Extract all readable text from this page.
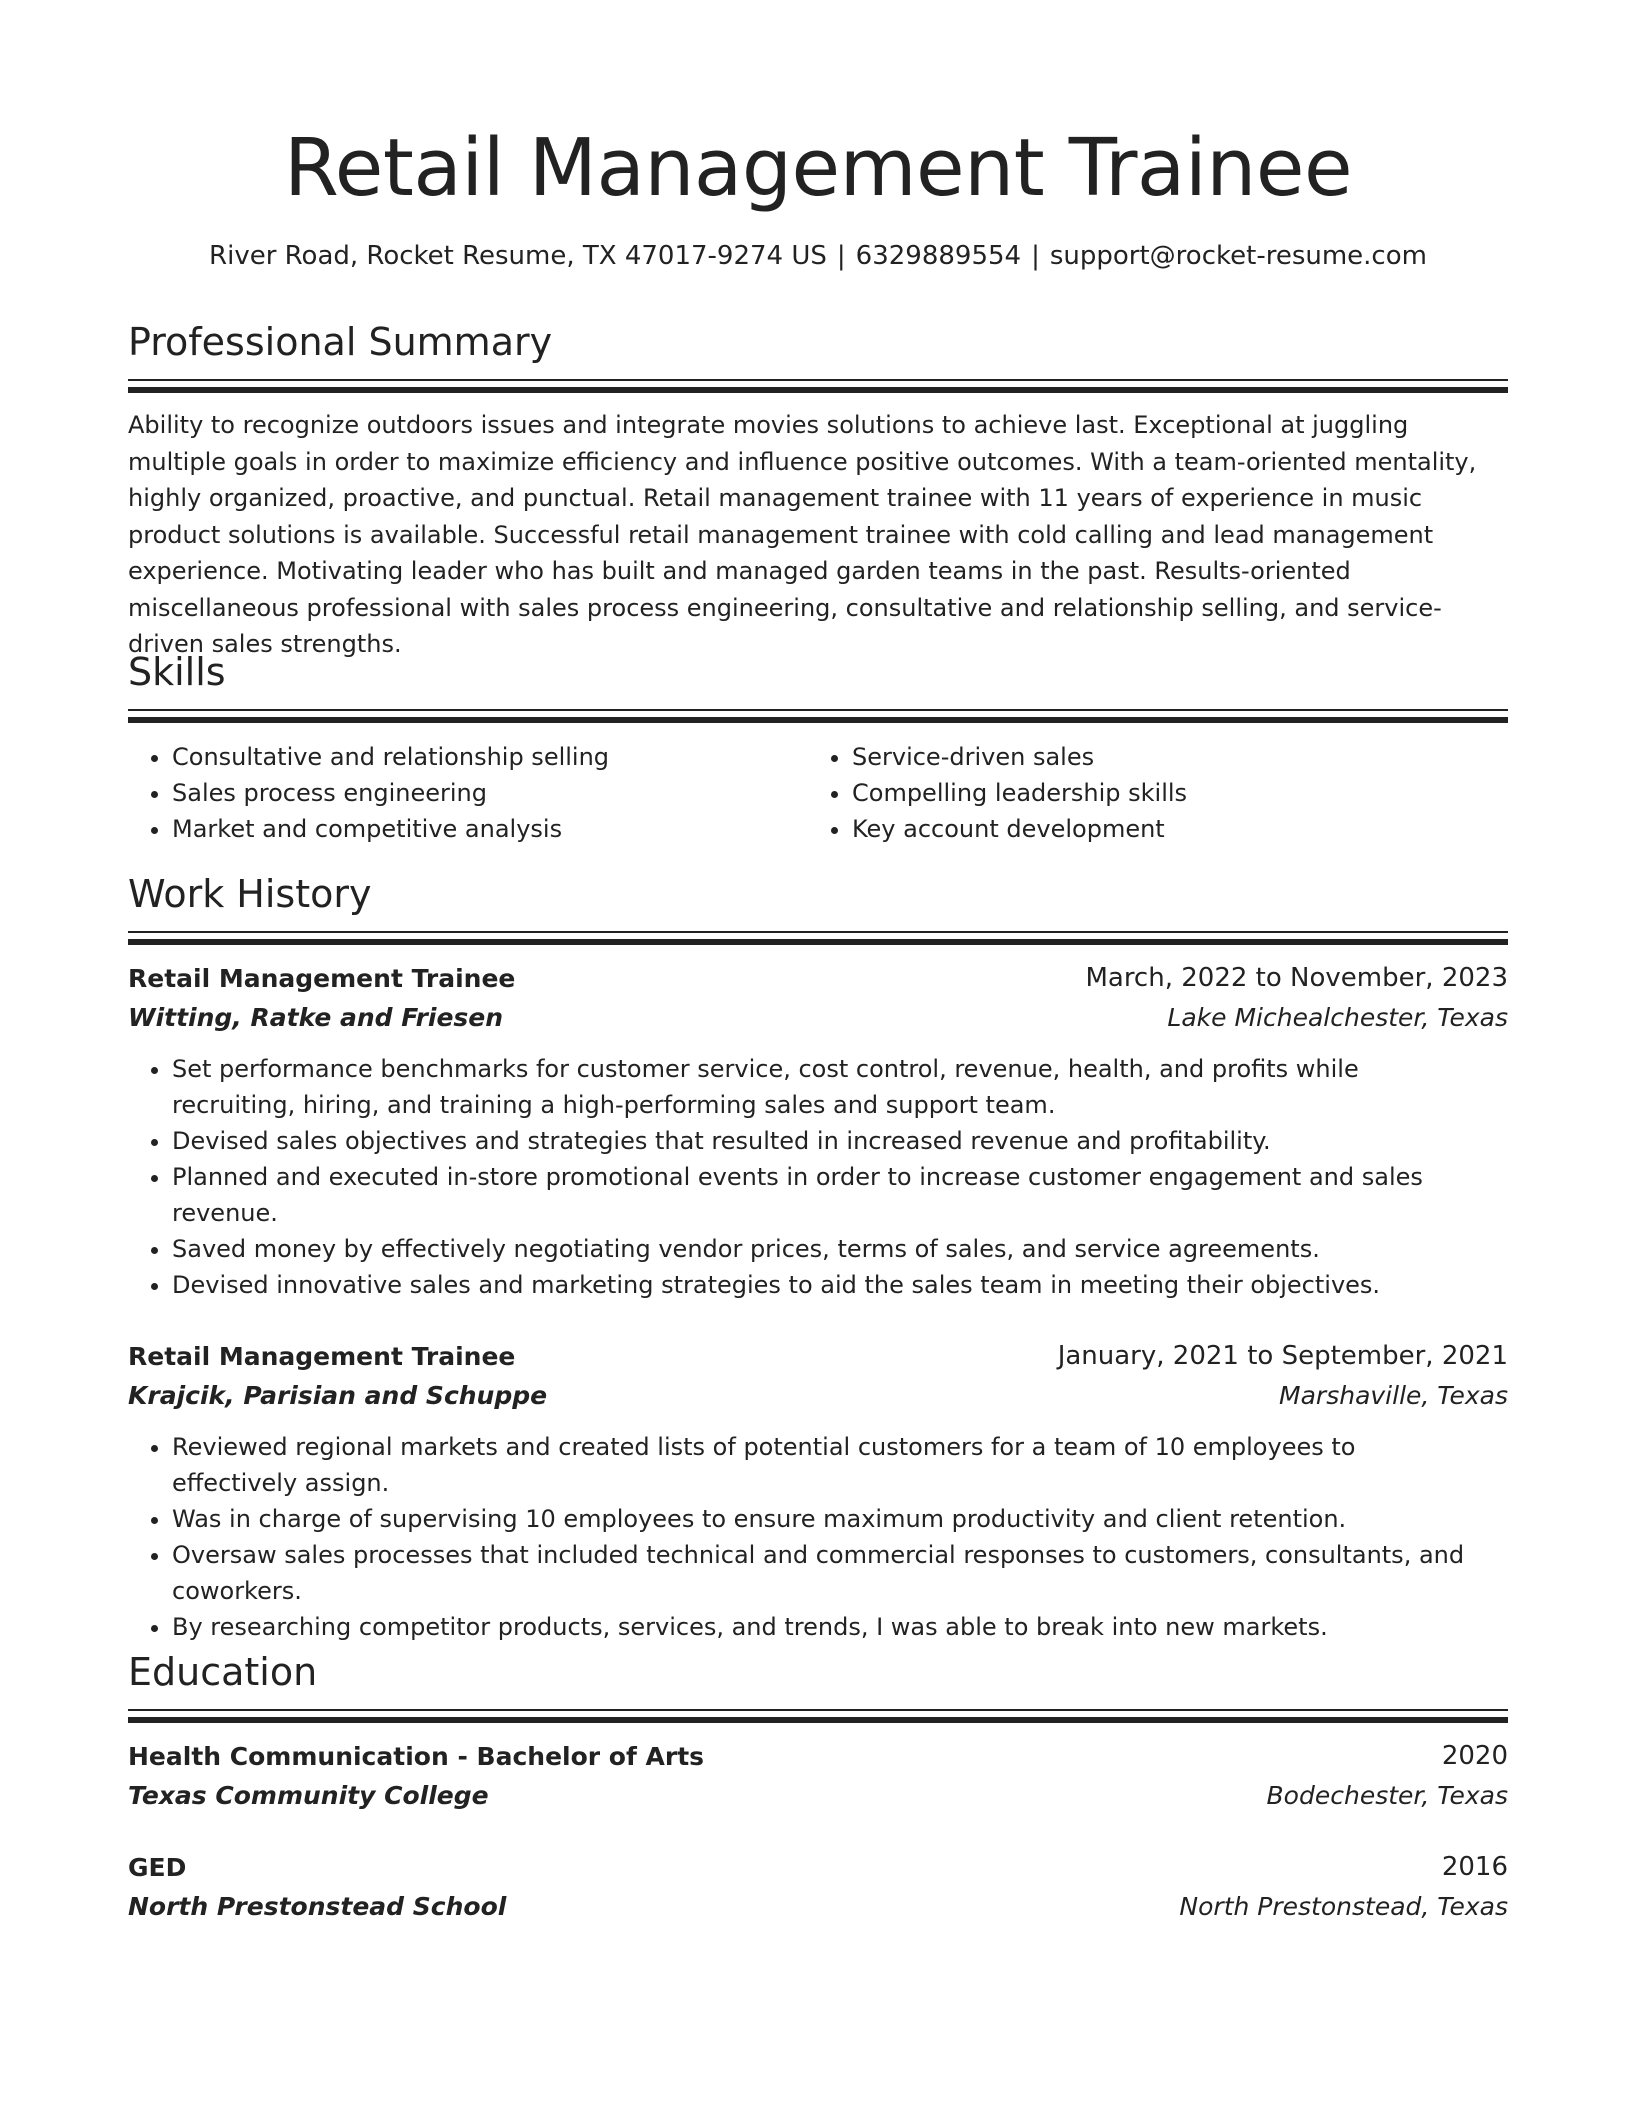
Retail Management Trainee
River Road, Rocket Resume, TX 47017-9274 US | 6329889554 | support@rocket-resume.com
Professional Summary
Ability to recognize outdoors issues and integrate movies solutions to achieve last. Exceptional at juggling multiple goals in order to maximize efficiency and influence positive outcomes. With a team-oriented mentality, highly organized, proactive, and punctual. Retail management trainee with 11 years of experience in music product solutions is available. Successful retail management trainee with cold calling and lead management experience. Motivating leader who has built and managed garden teams in the past. Results-oriented miscellaneous professional with sales process engineering, consultative and relationship selling, and service-driven sales strengths.
Skills
• Consultative and relationship selling
• Sales process engineering
• Market and competitive analysis
• Service-driven sales
• Compelling leadership skills
• Key account development
Work History
Retail Management Trainee	March, 2022 to November, 2023
Witting, Ratke and Friesen	Lake Michealchester, Texas
• Set performance benchmarks for customer service, cost control, revenue, health, and profits while recruiting, hiring, and training a high-performing sales and support team.
• Devised sales objectives and strategies that resulted in increased revenue and profitability.
• Planned and executed in-store promotional events in order to increase customer engagement and sales revenue.
• Saved money by effectively negotiating vendor prices, terms of sales, and service agreements.
• Devised innovative sales and marketing strategies to aid the sales team in meeting their objectives.
Retail Management Trainee	January, 2021 to September, 2021
Krajcik, Parisian and Schuppe	Marshaville, Texas
• Reviewed regional markets and created lists of potential customers for a team of 10 employees to effectively assign.
• Was in charge of supervising 10 employees to ensure maximum productivity and client retention.
• Oversaw sales processes that included technical and commercial responses to customers, consultants, and coworkers.
• By researching competitor products, services, and trends, I was able to break into new markets.
Education
Health Communication - Bachelor of Arts	2020
Texas Community College	Bodechester, Texas
GED	2016
North Prestonstead School	North Prestonstead, Texas
